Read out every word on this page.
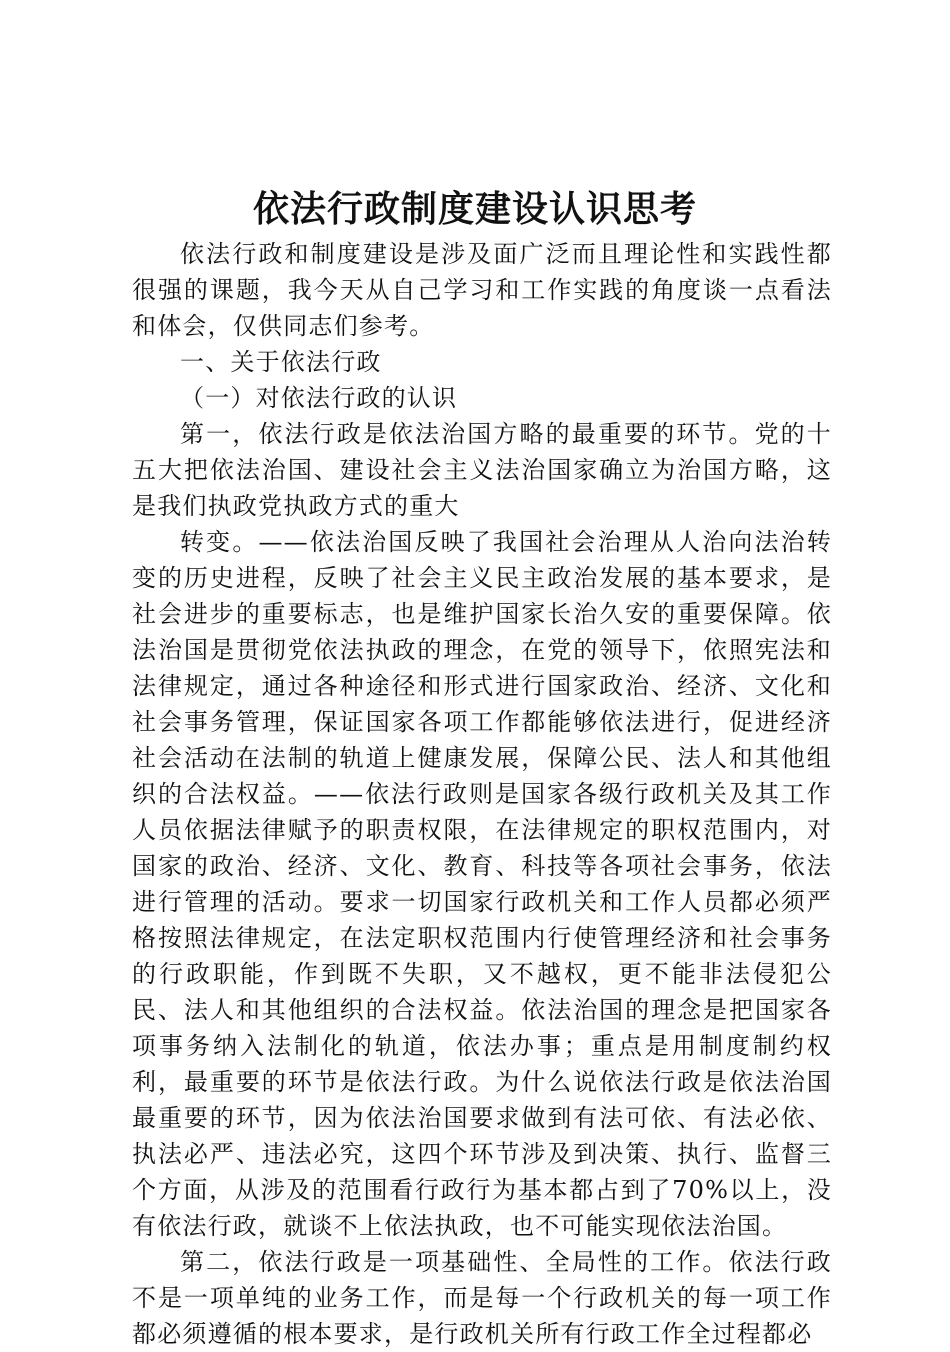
依法行政制度建设认识思考

依法行政和制度建设是涉及面广泛而且理论性和实践性都很强的课题，我今天从自己学习和工作实践的角度谈一点看法和体会，仅供同志们参考。

一、关于依法行政

（一）对依法行政的认识

第一，依法行政是依法治国方略的最重要的环节。党的十五大把依法治国、建设社会主义法治国家确立为治国方略，这是我们执政党执政方式的重大

转变。——依法治国反映了我国社会治理从人治向法治转变的历史进程，反映了社会主义民主政治发展的基本要求，是社会进步的重要标志，也是维护国家长治久安的重要保障。依法治国是贯彻党依法执政的理念，在党的领导下，依照宪法和法律规定，通过各种途径和形式进行国家政治、经济、文化和社会事务管理，保证国家各项工作都能够依法进行，促进经济社会活动在法制的轨道上健康发展，保障公民、法人和其他组织的合法权益。——依法行政则是国家各级行政机关及其工作人员依据法律赋予的职责权限，在法律规定的职权范围内，对国家的政治、经济、文化、教育、科技等各项社会事务，依法进行管理的活动。要求一切国家行政机关和工作人员都必须严格按照法律规定，在法定职权范围内行使管理经济和社会事务的行政职能，作到既不失职，又不越权，更不能非法侵犯公民、法人和其他组织的合法权益。依法治国的理念是把国家各项事务纳入法制化的轨道，依法办事；重点是用制度制约权利，最重要的环节是依法行政。为什么说依法行政是依法治国最重要的环节，因为依法治国要求做到有法可依、有法必依、执法必严、违法必究，这四个环节涉及到决策、执行、监督三个方面，从涉及的范围看行政行为基本都占到了70%以上，没有依法行政，就谈不上依法执政，也不可能实现依法治国。

第二，依法行政是一项基础性、全局性的工作。依法行政不是一项单纯的业务工作，而是每一个行政机关的每一项工作都必须遵循的根本要求，是行政机关所有行政工作全过程都必
